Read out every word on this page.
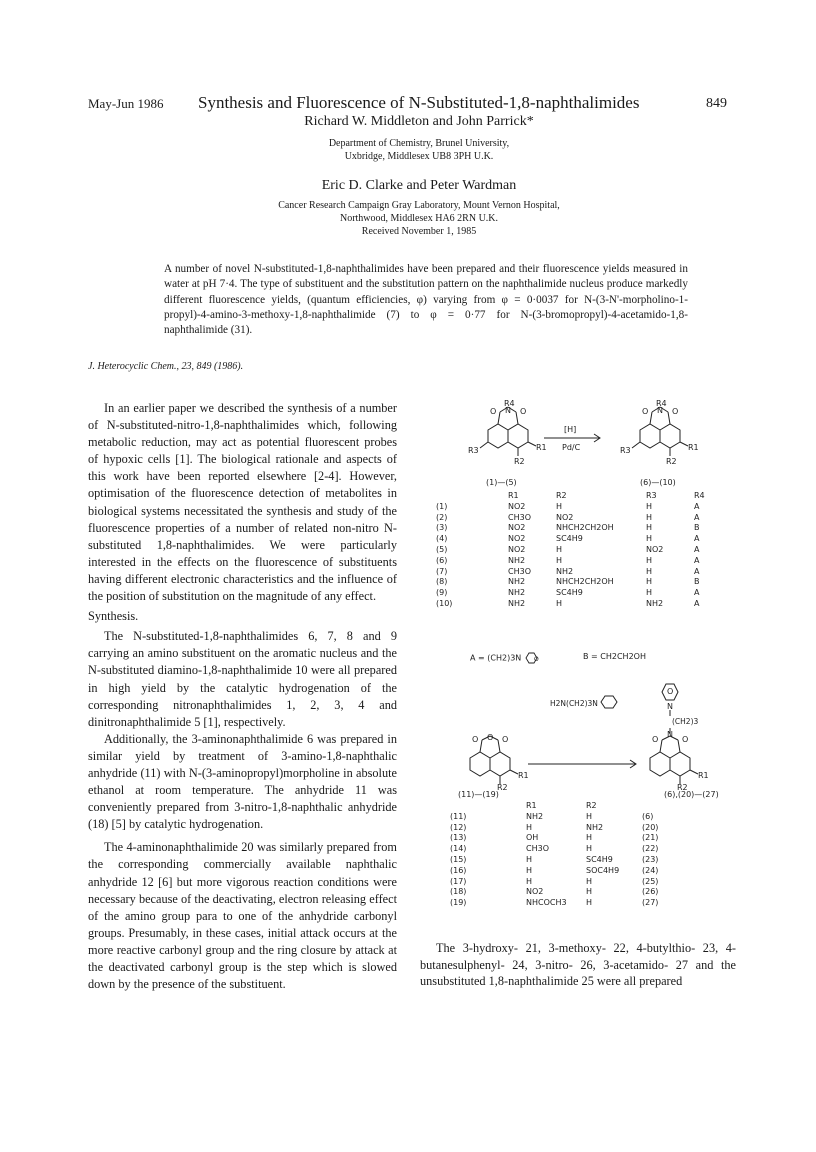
May-Jun 1986 Synthesis and Fluorescence of N-Substituted-1,8-naphthalimides	849
Richard W. Middleton and John Parrick*
Department of Chemistry, Brunel University,
Uxbridge, Middlesex UB8 3PH U.K.
Eric D. Clarke and Peter Wardman
Cancer Research Campaign Gray Laboratory, Mount Vernon Hospital,
Northwood, Middlesex HA6 2RN U.K.
Received November 1, 1985
A number of novel N-substituted-1,8-naphthalimides have been prepared and their fluorescence yields measured in water at pH 7·4. The type of substituent and the substitution pattern on the naphthalimide nucleus produce markedly different fluorescence yields, (quantum efficiencies, φ) varying from φ = 0·0037 for N-(3-N'-morpholino-1-propyl)-4-amino-3-methoxy-1,8-naphthalimide (7) to φ = 0·77 for N-(3-bromopropyl)-4-acetamido-1,8-naphthalimide (31).
J. Heterocyclic Chem., 23, 849 (1986).

In an earlier paper we described the synthesis of a number of N-substituted-nitro-1,8-naphthalimides which, following metabolic reduction, may act as potential fluorescent probes of hypoxic cells [1]. The biological rationale and aspects of this work have been reported elsewhere [2-4]. However, optimisation of the fluorescence detection of metabolites in biological systems necessitated the synthesis and study of the fluorescence properties of a number of related non-nitro N-substituted 1,8-naphthalimides. We were particularly interested in the effects on the fluorescence of substituents having different electronic characteristics and the influence of the position of substitution on the magnitude of any effect.

Synthesis.

The N-substituted-1,8-naphthalimides 6, 7, 8 and 9 carrying an amino substituent on the aromatic nucleus and the N-substituted diamino-1,8-naphthalimide 10 were all prepared in high yield by the catalytic hydrogenation of the corresponding nitronaphthalimides 1, 2, 3, 4 and dinitronaphthalimide 5 [1], respectively.

Additionally, the 3-aminonaphthalimide 6 was prepared in similar yield by treatment of 3-amino-1,8-naphthalic anhydride (11) with N-(3-aminopropyl)morpholine in absolute ethanol at room temperature. The anhydride 11 was conveniently prepared from 3-nitro-1,8-naphthalic anhydride (18) [5] by catalytic hydrogenation.

The 4-aminonaphthalimide 20 was similarly prepared from the corresponding commercially available naphthalic anhydride 12 [6] but more vigorous reaction conditions were necessary because of the deactivating, electron releasing effect of the amino group para to one of the anhydride carbonyl groups. Presumably, in these cases, initial attack occurs at the more reactive carbonyl group and the ring closure by attack at the deactivated carbonyl group is the step which is slowed down by the presence of the substituent.

The 3-hydroxy- 21, 3-methoxy- 22, 4-butylthio- 23, 4-butanesulphenyl- 24, 3-nitro- 26, 3-acetamido- 27 and the unsubstituted 1,8-naphthalimide 25 were all prepared

R4
O N O
R3	R1
R2
R4
O N O
R3	R1
R2
[H]
Pd/C
(1)—(5)	(6)—(10)
	R1	R2	R3	R4
(1)	NO2	H	H	A
(2)	CH3O	NO2	H	A
(3)	NO2	NHCH2CH2OH	H	B
(4)	NO2	SC4H9	H	A
(5)	NO2	H	NO2	A
(6)	NH2	H	H	A
(7)	CH3O	NH2	H	A
(8)	NH2	NHCH2CH2OH	H	B
(9)	NH2	SC4H9	H	A
(10)	NH2	H	NH2	A
A = (CH2)3N O	B = CH2CH2OH
O O O
R1
R2
O
N
O
N
O
R1
R2
H2N(CH2)3N
(CH2)3
(11)—(19)	(6),(20)—(27)
	R1	R2	
(11)	NH2	H	(6)
(12)	H	NH2	(20)
(13)	OH	H	(21)
(14)	CH3O	H	(22)
(15)	H	SC4H9	(23)
(16)	H	SOC4H9	(24)
(17)	H	H	(25)
(18)	NO2	H	(26)
(19)	NHCOCH3	H	(27)
